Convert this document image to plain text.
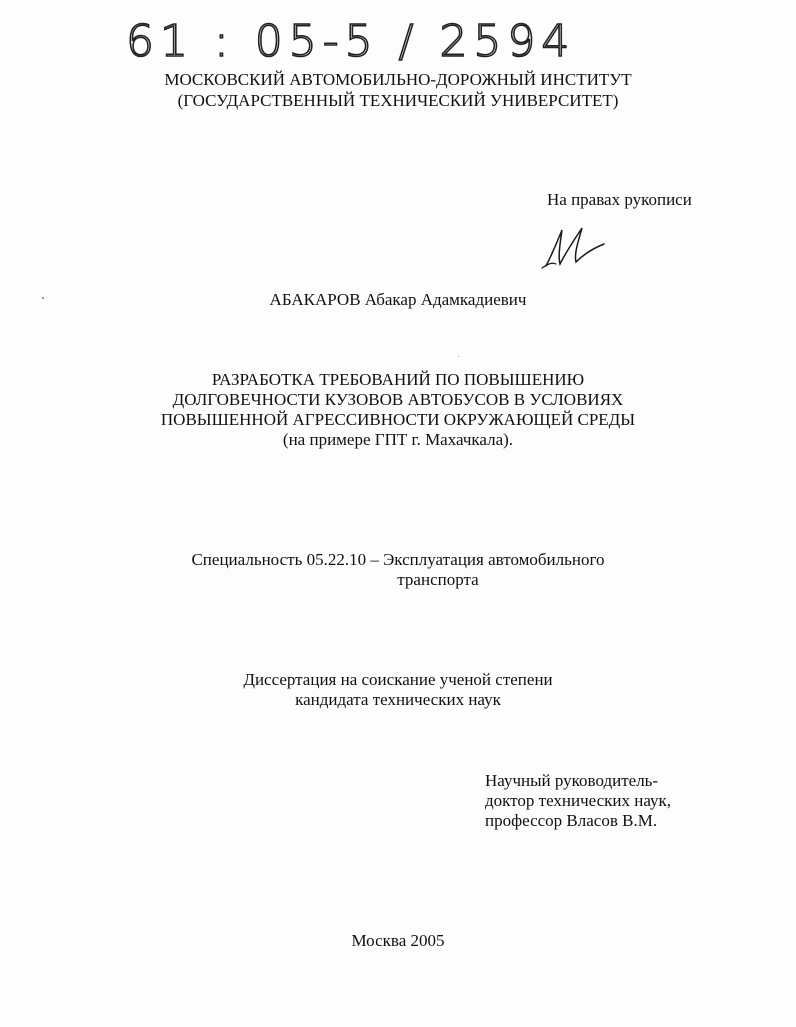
61 : 05-5 / 2594
МОСКОВСКИЙ АВТОМОБИЛЬНО-ДОРОЖНЫЙ ИНСТИТУТ
(ГОСУДАРСТВЕННЫЙ ТЕХНИЧЕСКИЙ УНИВЕРСИТЕТ)
На правах рукописи
АБАКАРОВ Абакар Адамкадиевич
РАЗРАБОТКА ТРЕБОВАНИЙ ПО ПОВЫШЕНИЮ
ДОЛГОВЕЧНОСТИ КУЗОВОВ АВТОБУСОВ В УСЛОВИЯХ
ПОВЫШЕННОЙ АГРЕССИВНОСТИ ОКРУЖАЮЩЕЙ СРЕДЫ
(на примере ГПТ г. Махачкала).
Специальность 05.22.10 – Эксплуатация автомобильного
транспорта
Диссертация на соискание ученой степени
кандидата технических наук
Научный руководитель-
доктор технических наук,
профессор Власов В.М.
Москва 2005
